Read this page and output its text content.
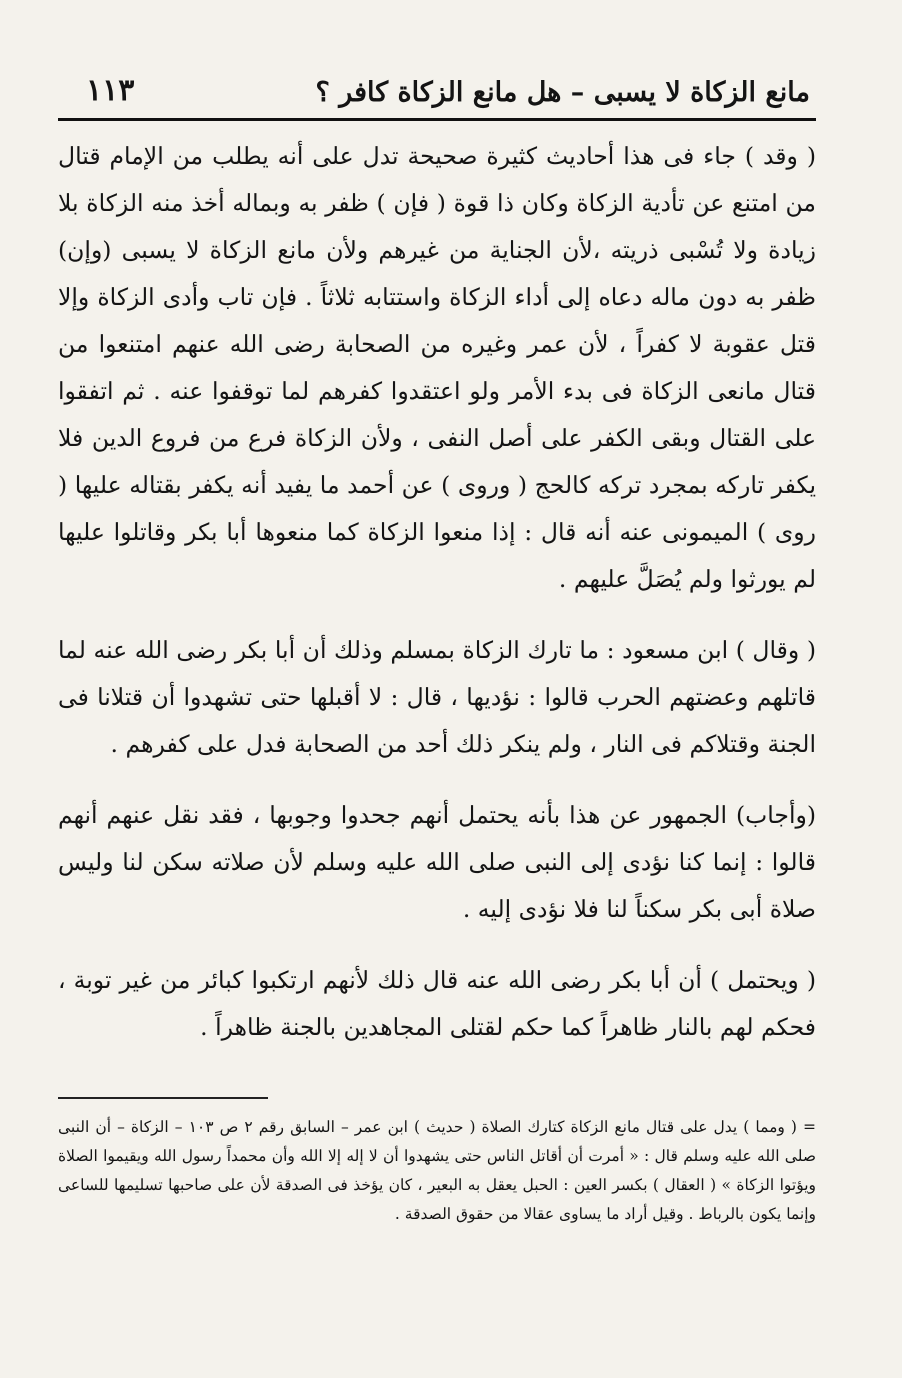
مانع الزكاة لا يسبى – هل مانع الزكاة كافر ؟
١١٣

( وقد ) جاء فى هذا أحاديث كثيرة صحيحة تدل على أنه يطلب من الإمام قتال من امتنع عن تأدية الزكاة وكان ذا قوة ( فإن ) ظفر به وبماله أخذ منه الزكاة بلا زيادة ولا تُسْبى ذريته ،لأن الجناية من غيرهم ولأن مانع الزكاة لا يسبى (وإن) ظفر به دون ماله دعاه إلى أداء الزكاة واستتابه ثلاثاً . فإن تاب وأدى الزكاة وإلا قتل عقوبة لا كفراً ، لأن عمر وغيره من الصحابة رضى الله عنهم امتنعوا من قتال مانعى الزكاة فى بدء الأمر ولو اعتقدوا كفرهم لما توقفوا عنه . ثم اتفقوا على القتال وبقى الكفر على أصل النفى ، ولأن الزكاة فرع من فروع الدين فلا يكفر تاركه بمجرد تركه كالحج ( وروى ) عن أحمد ما يفيد أنه يكفر بقتاله عليها ( روى ) الميمونى عنه أنه قال : إذا منعوا الزكاة كما منعوها أبا بكر وقاتلوا عليها لم يورثوا ولم يُصَلَّ عليهم .

( وقال ) ابن مسعود : ما تارك الزكاة بمسلم وذلك أن أبا بكر رضى الله عنه لما قاتلهم وعضتهم الحرب قالوا : نؤديها ، قال : لا أقبلها حتى تشهدوا أن قتلانا فى الجنة وقتلاكم فى النار ، ولم ينكر ذلك أحد من الصحابة فدل على كفرهم .

(وأجاب) الجمهور عن هذا بأنه يحتمل أنهم جحدوا وجوبها ، فقد نقل عنهم أنهم قالوا : إنما كنا نؤدى إلى النبى صلى الله عليه وسلم لأن صلاته سكن لنا وليس صلاة أبى بكر سكناً لنا فلا نؤدى إليه .

( ويحتمل ) أن أبا بكر رضى الله عنه قال ذلك لأنهم ارتكبوا كبائر من غير توبة ، فحكم لهم بالنار ظاهراً كما حكم لقتلى المجاهدين بالجنة ظاهراً .

= ( ومما ) يدل على قتال مانع الزكاة كتارك الصلاة ( حديث ) ابن عمر – السابق رقم ٢ ص ١٠٣ – الزكاة – أن النبى صلى الله عليه وسلم قال : « أمرت أن أقاتل الناس حتى يشهدوا أن لا إله إلا الله وأن محمداً رسول الله ويقيموا الصلاة ويؤتوا الزكاة » ( العقال ) بكسر العين : الحبل يعقل به البعير ، كان يؤخذ فى الصدقة لأن على صاحبها تسليمها للساعى وإنما يكون بالرباط . وقيل أراد ما يساوى عقالا من حقوق الصدقة .
